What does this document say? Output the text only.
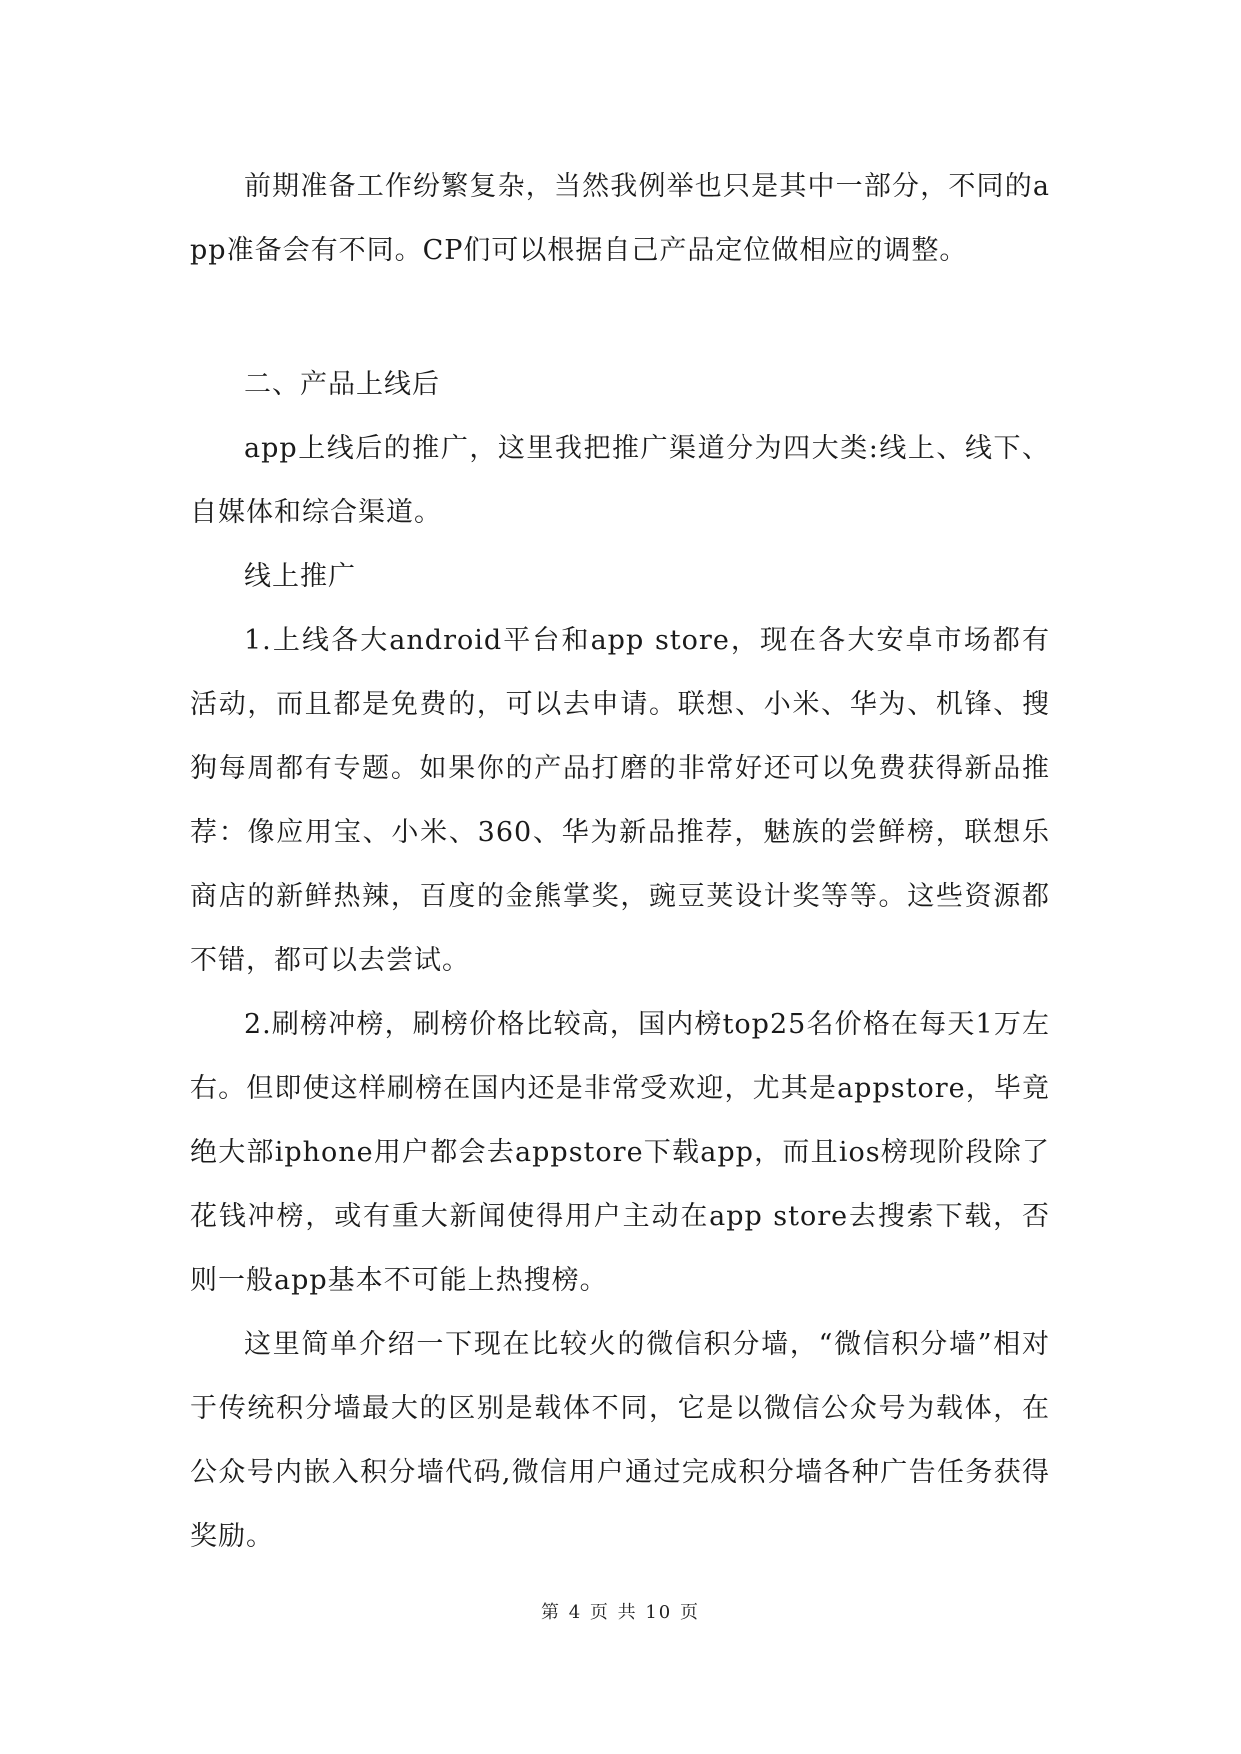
前期准备工作纷繁复杂，当然我例举也只是其中一部分，不同的app准备会有不同。CP们可以根据自己产品定位做相应的调整。

二、产品上线后

app上线后的推广，这里我把推广渠道分为四大类:线上、线下、自媒体和综合渠道。

线上推广

1.上线各大android平台和app store，现在各大安卓市场都有活动，而且都是免费的，可以去申请。联想、小米、华为、机锋、搜狗每周都有专题。如果你的产品打磨的非常好还可以免费获得新品推荐：像应用宝、小米、360、华为新品推荐，魅族的尝鲜榜，联想乐商店的新鲜热辣，百度的金熊掌奖，豌豆荚设计奖等等。这些资源都不错，都可以去尝试。

2.刷榜冲榜，刷榜价格比较高，国内榜top25名价格在每天1万左右。但即使这样刷榜在国内还是非常受欢迎，尤其是appstore，毕竟绝大部iphone用户都会去appstore下载app，而且ios榜现阶段除了花钱冲榜，或有重大新闻使得用户主动在app store去搜索下载，否则一般app基本不可能上热搜榜。

这里简单介绍一下现在比较火的微信积分墙，“微信积分墙”相对于传统积分墙最大的区别是载体不同，它是以微信公众号为载体，在公众号内嵌入积分墙代码,微信用户通过完成积分墙各种广告任务获得奖励。

第 4 页 共 10 页
